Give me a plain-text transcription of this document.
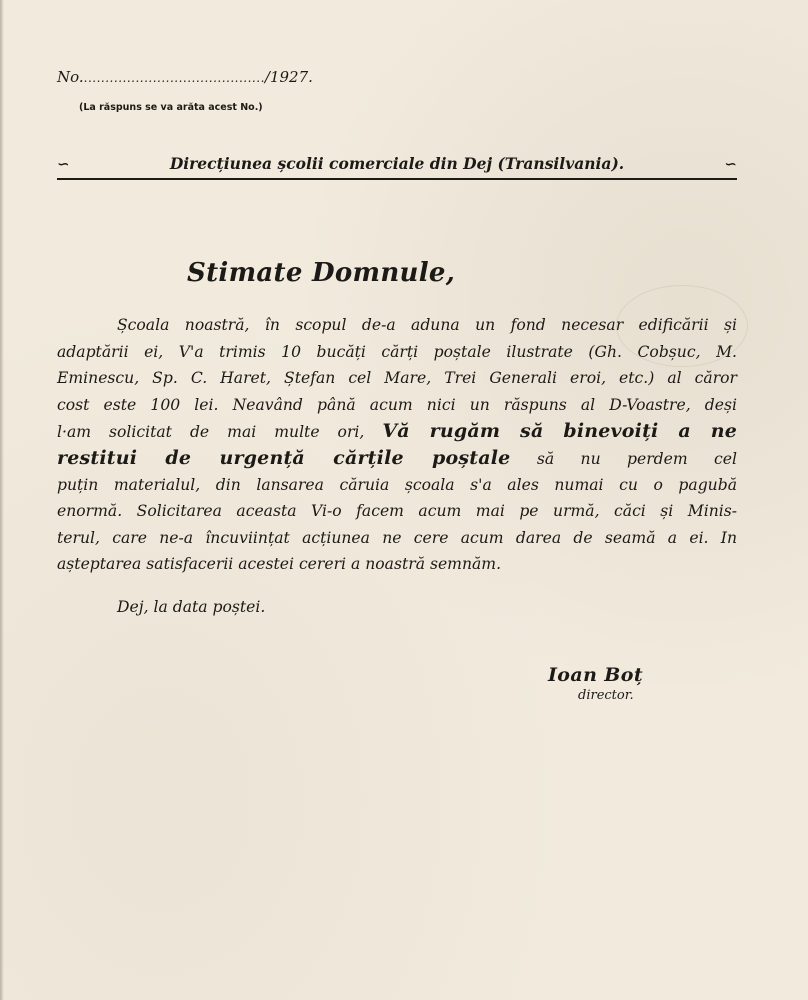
No.........................................../1927.
(La răspuns se va arăta acest No.)
∽	Direcțiunea școlii comerciale din Dej (Transilvania).	∽
Stimate Domnule,
Școala noastră, în scopul de-a aduna un fond necesar edificării și
adaptării ei, V'a trimis 10 bucăți cărți poștale ilustrate (Gh. Cobșuc, M.
Eminescu, Sp. C. Haret, Ștefan cel Mare, Trei Generali eroi, etc.) al căror
cost este 100 lei. Neavând până acum nici un răspuns al D-Voastre, deși
l·am solicitat de mai multe ori, Vă rugăm să binevoiți a ne
restitui de urgență cărțile poștale să nu perdem cel
puțin materialul, din lansarea căruia școala s'a ales numai cu o pagubă
enormă. Solicitarea aceasta Vi-o facem acum mai pe urmă, căci și Minis-
terul, care ne-a încuviințat acțiunea ne cere acum darea de seamă a ei. In
așteptarea satisfacerii acestei cereri a noastră semnăm.
Dej, la data poștei.
Ioan Boț
director.
